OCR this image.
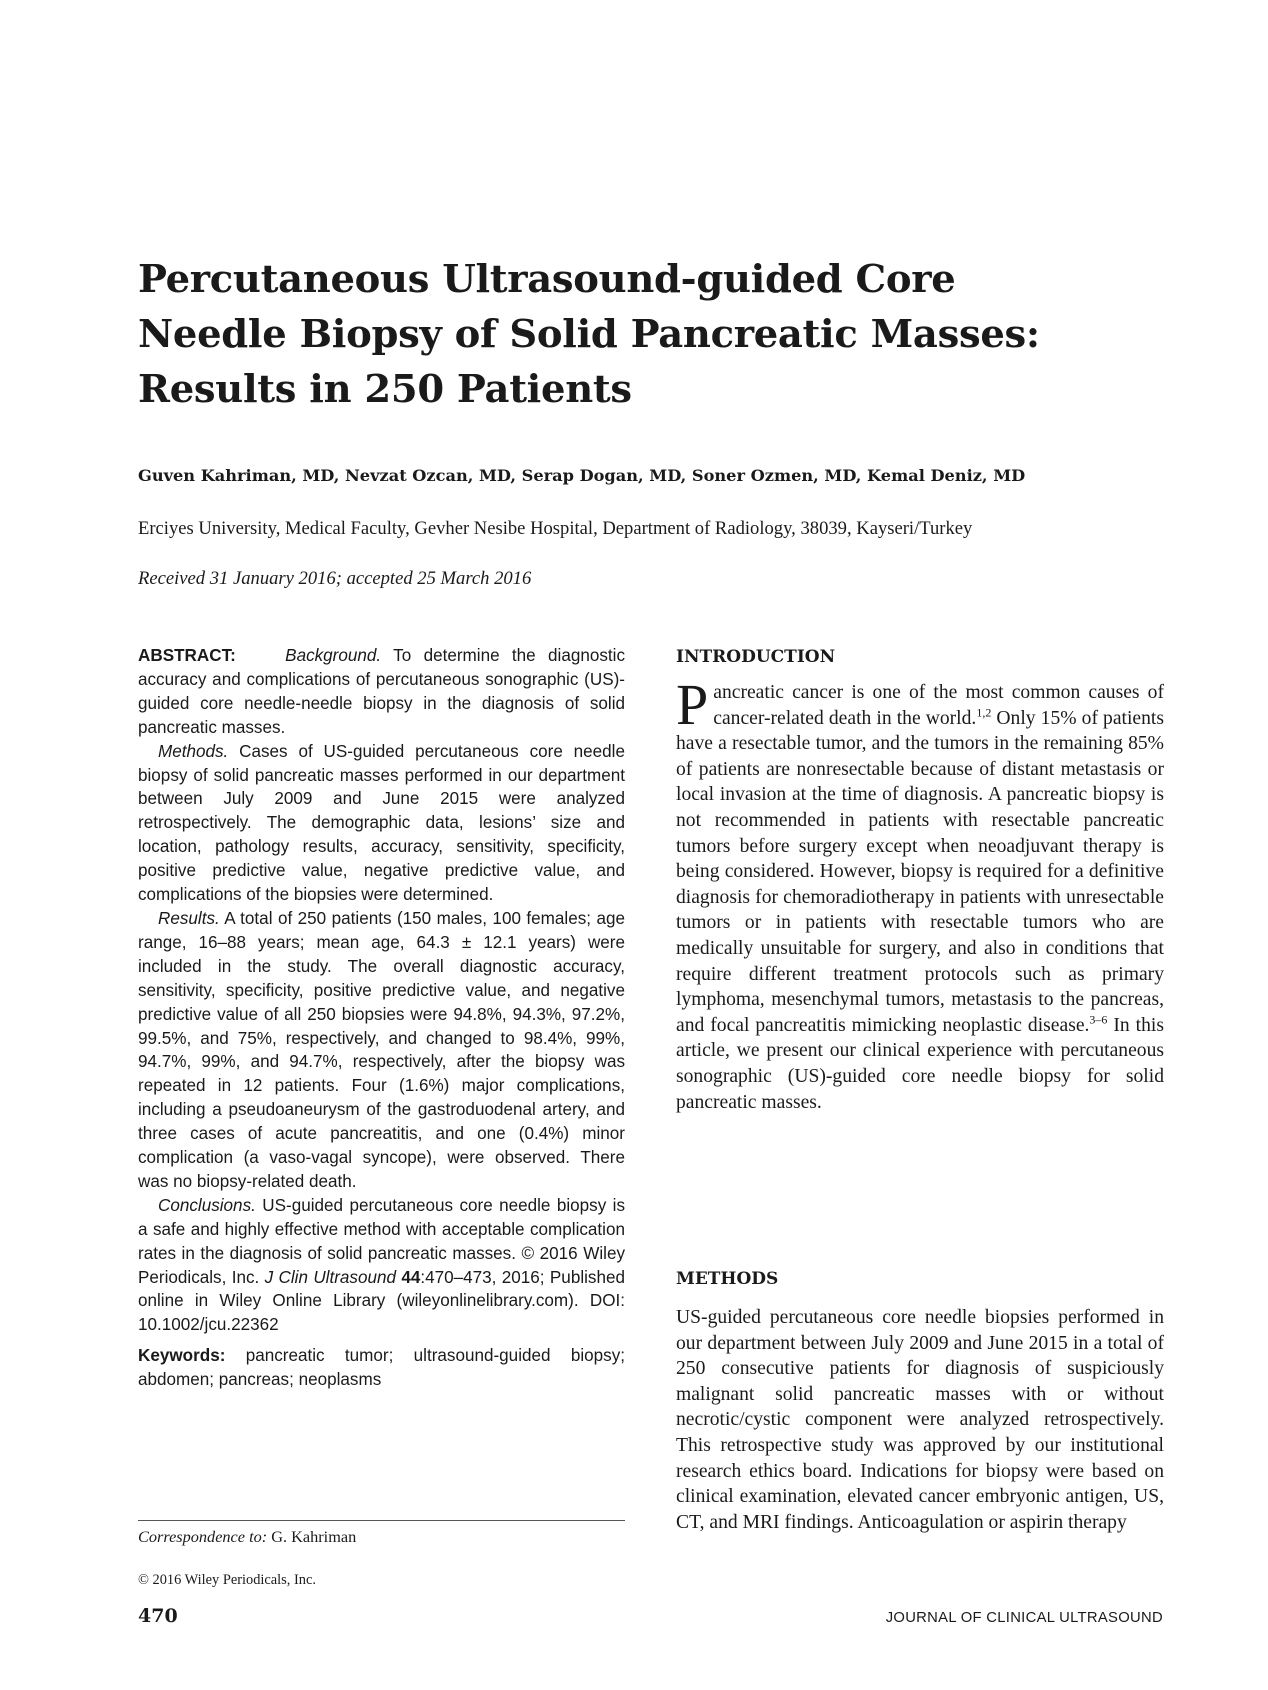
Percutaneous Ultrasound-guided Core
Needle Biopsy of Solid Pancreatic Masses:
Results in 250 Patients
Guven Kahriman, MD, Nevzat Ozcan, MD, Serap Dogan, MD, Soner Ozmen, MD, Kemal Deniz, MD
Erciyes University, Medical Faculty, Gevher Nesibe Hospital, Department of Radiology, 38039, Kayseri/Turkey
Received 31 January 2016; accepted 25 March 2016

ABSTRACT:	Background. To determine the diagnostic accuracy and complications of percutaneous sonographic (US)-guided core needle-needle biopsy in the diagnosis of solid pancreatic masses.

Methods. Cases of US-guided percutaneous core needle biopsy of solid pancreatic masses performed in our department between July 2009 and June 2015 were analyzed retrospectively. The demographic data, lesions’ size and location, pathology results, accuracy, sensitivity, specificity, positive predictive value, negative predictive value, and complications of the biopsies were determined.

Results. A total of 250 patients (150 males, 100 females; age range, 16–88 years; mean age, 64.3 ± 12.1 years) were included in the study. The overall diagnostic accuracy, sensitivity, specificity, positive predictive value, and negative predictive value of all 250 biopsies were 94.8%, 94.3%, 97.2%, 99.5%, and 75%, respectively, and changed to 98.4%, 99%, 94.7%, 99%, and 94.7%, respectively, after the biopsy was repeated in 12 patients. Four (1.6%) major complications, including a pseudoaneurysm of the gastroduodenal artery, and three cases of acute pancreatitis, and one (0.4%) minor complication (a vaso-vagal syncope), were observed. There was no biopsy-related death.

Conclusions. US-guided percutaneous core needle biopsy is a safe and highly effective method with acceptable complication rates in the diagnosis of solid pancreatic masses. © 2016 Wiley Periodicals, Inc. J Clin Ultrasound 44:470–473, 2016; Published online in Wiley Online Library (wileyonlinelibrary.com). DOI: 10.1002/jcu.22362

Keywords: pancreatic tumor; ultrasound-guided biopsy; abdomen; pancreas; neoplasms

Correspondence to: G. Kahriman
© 2016 Wiley Periodicals, Inc.
470	JOURNAL OF CLINICAL ULTRASOUND
INTRODUCTION

Pancreatic cancer is one of the most common causes of cancer-related death in the world.$^{1,2}$ Only 15% of patients have a resectable tumor, and the tumors in the remaining 85% of patients are nonresectable because of distant metastasis or local invasion at the time of diagnosis. A pancreatic biopsy is not recommended in patients with resectable pancreatic tumors before surgery except when neoadjuvant therapy is being considered. However, biopsy is required for a definitive diagnosis for chemoradiotherapy in patients with unresectable tumors or in patients with resectable tumors who are medically unsuitable for surgery, and also in conditions that require different treatment protocols such as primary lymphoma, mesenchymal tumors, metastasis to the pancreas, and focal pancreatitis mimicking neoplastic disease.$^{3-6}$ In this article, we present our clinical experience with percutaneous sonographic (US)-guided core needle biopsy for solid pancreatic masses.

METHODS

US-guided percutaneous core needle biopsies performed in our department between July 2009 and June 2015 in a total of 250 consecutive patients for diagnosis of suspiciously malignant solid pancreatic masses with or without necrotic/cystic component were analyzed retrospectively. This retrospective study was approved by our institutional research ethics board. Indications for biopsy were based on clinical examination, elevated cancer embryonic antigen, US, CT, and MRI findings. Anticoagulation or aspirin therapy
